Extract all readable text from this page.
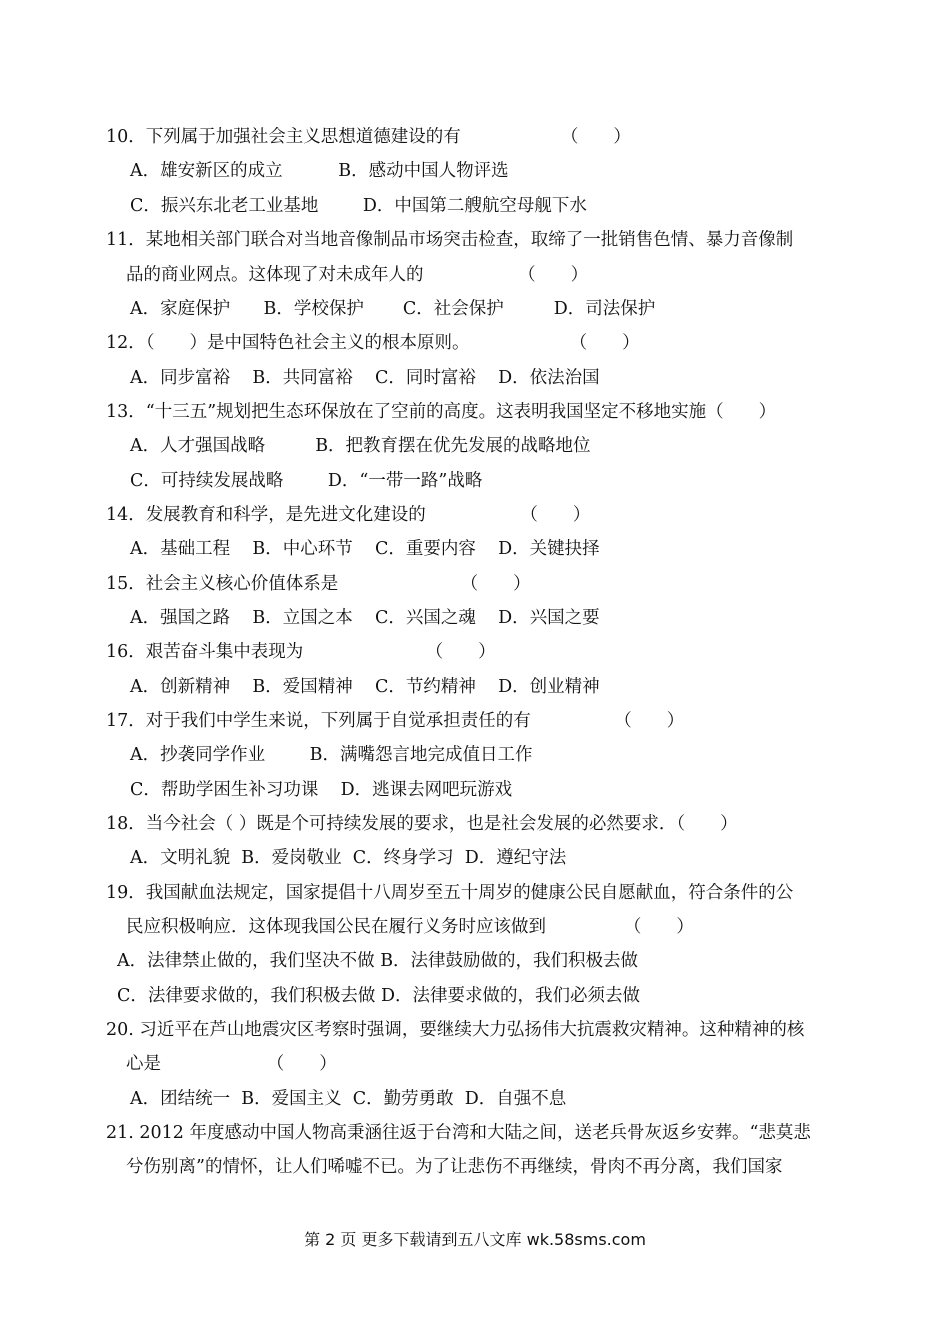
10．下列属于加强社会主义思想道德建设的有                  （　　）
A．雄安新区的成立          B．感动中国人物评选
C．振兴东北老工业基地        D．中国第二艘航空母舰下水
11．某地相关部门联合对当地音像制品市场突击检查，取缔了一批销售色情、暴力音像制
品的商业网点。这体现了对未成年人的                 （　　）
A．家庭保护      B．学校保护       C．社会保护         D．司法保护
12．（　　）是中国特色社会主义的根本原则。                  （　　）
A．同步富裕    B．共同富裕    C．同时富裕    D．依法治国
13．“十三五”规划把生态环保放在了空前的高度。这表明我国坚定不移地实施（　　）
A．人才强国战略         B．把教育摆在优先发展的战略地位
C．可持续发展战略        D．“一带一路”战略
14．发展教育和科学，是先进文化建设的                 （　　）
A．基础工程    B．中心环节    C．重要内容    D．关键抉择
15．社会主义核心价值体系是                      （　　）
A．强国之路    B．立国之本    C．兴国之魂    D．兴国之要
16．艰苦奋斗集中表现为                      （　　）
A．创新精神    B．爱国精神    C．节约精神    D．创业精神
17．对于我们中学生来说，下列属于自觉承担责任的有               （　　）
A．抄袭同学作业        B．满嘴怨言地完成值日工作
C．帮助学困生补习功课    D．逃课去网吧玩游戏
18．当今社会（ ）既是个可持续发展的要求，也是社会发展的必然要求．（　　）
A．文明礼貌  B．爱岗敬业  C．终身学习  D．遵纪守法
19．我国献血法规定，国家提倡十八周岁至五十周岁的健康公民自愿献血，符合条件的公
民应积极响应．这体现我国公民在履行义务时应该做到              （　　）
A．法律禁止做的，我们坚决不做 B．法律鼓励做的，我们积极去做
C．法律要求做的，我们积极去做 D．法律要求做的，我们必须去做
20. 习近平在芦山地震灾区考察时强调，要继续大力弘扬伟大抗震救灾精神。这种精神的核
心是                   （　　）
A．团结统一  B．爱国主义  C．勤劳勇敢  D．自强不息
21. 2012 年度感动中国人物高秉涵往返于台湾和大陆之间，送老兵骨灰返乡安葬。“悲莫悲
兮伤别离”的情怀，让人们唏嘘不已。为了让悲伤不再继续，骨肉不再分离，我们国家
第 2 页 更多下载请到五八文库 wk.58sms.com
